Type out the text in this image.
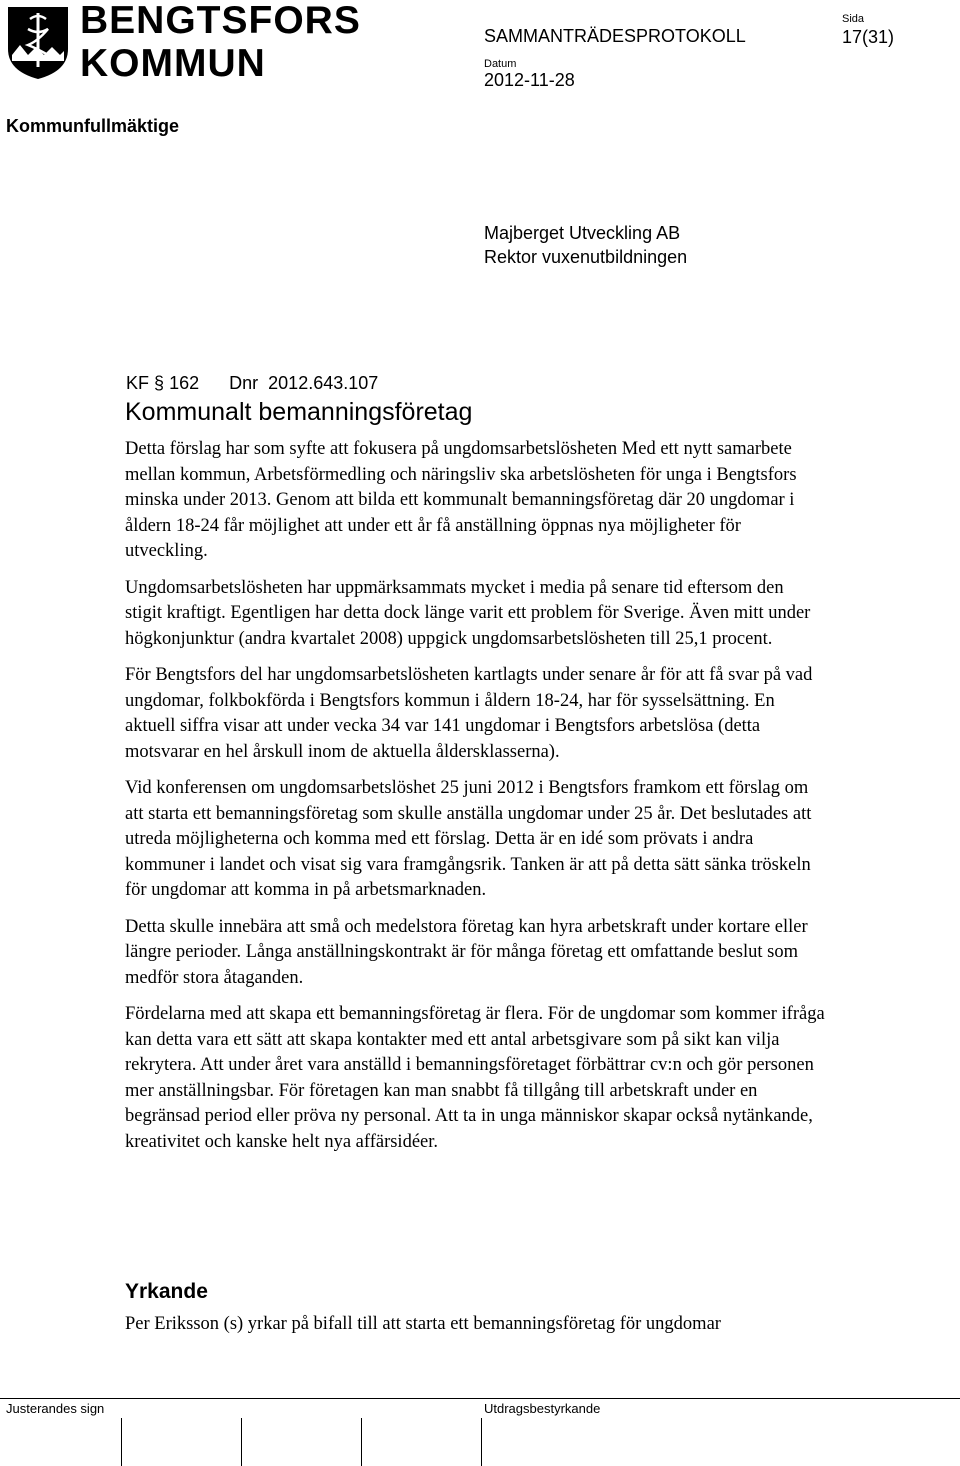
BENGTSFORS
KOMMUN
SAMMANTRÄDESPROTOKOLL
Sida
17(31)
Datum
2012-11-28
Kommunfullmäktige
Majberget Utveckling AB
Rektor vuxenutbildningen
KF § 162 Dnr 2012.643.107
Kommunalt bemanningsföretag

Detta förslag har som syfte att fokusera på ungdomsarbetslösheten Med ett nytt samarbete mellan kommun, Arbetsförmedling och näringsliv ska arbetslösheten för unga i Bengtsfors minska under 2013. Genom att bilda ett kommunalt bemanningsföretag där 20 ungdomar i åldern 18-24 får möjlighet att under ett år få anställning öppnas nya möjligheter för utveckling.

Ungdomsarbetslösheten har uppmärksammats mycket i media på senare tid eftersom den stigit kraftigt. Egentligen har detta dock länge varit ett problem för Sverige. Även mitt under högkonjunktur (andra kvartalet 2008) uppgick ungdomsarbetslösheten till 25,1 procent.

För Bengtsfors del har ungdomsarbetslösheten kartlagts under senare år för att få svar på vad ungdomar, folkbokförda i Bengtsfors kommun i åldern 18-24, har för sysselsättning. En aktuell siffra visar att under vecka 34 var 141 ungdomar i Bengtsfors arbetslösa (detta motsvarar en hel årskull inom de aktuella åldersklasserna).

Vid konferensen om ungdomsarbetslöshet 25 juni 2012 i Bengtsfors framkom ett förslag om att starta ett bemanningsföretag som skulle anställa ungdomar under 25 år. Det beslutades att utreda möjligheterna och komma med ett förslag. Detta är en idé som prövats i andra kommuner i landet och visat sig vara framgångsrik. Tanken är att på detta sätt sänka tröskeln för ungdomar att komma in på arbetsmarknaden.

Detta skulle innebära att små och medelstora företag kan hyra arbetskraft under kortare eller längre perioder. Långa anställningskontrakt är för många företag ett omfattande beslut som medför stora åtaganden.

Fördelarna med att skapa ett bemanningsföretag är flera. För de ungdomar som kommer ifråga kan detta vara ett sätt att skapa kontakter med ett antal arbetsgivare som på sikt kan vilja rekrytera. Att under året vara anställd i bemanningsföretaget förbättrar cv:n och gör personen mer anställningsbar. För företagen kan man snabbt få tillgång till arbetskraft under en begränsad period eller pröva ny personal. Att ta in unga människor skapar också nytänkande, kreativitet och kanske helt nya affärsidéer.

Yrkande
Per Eriksson (s) yrkar på bifall till att starta ett bemanningsföretag för ungdomar
Justerandes sign	Utdragsbestyrkande
